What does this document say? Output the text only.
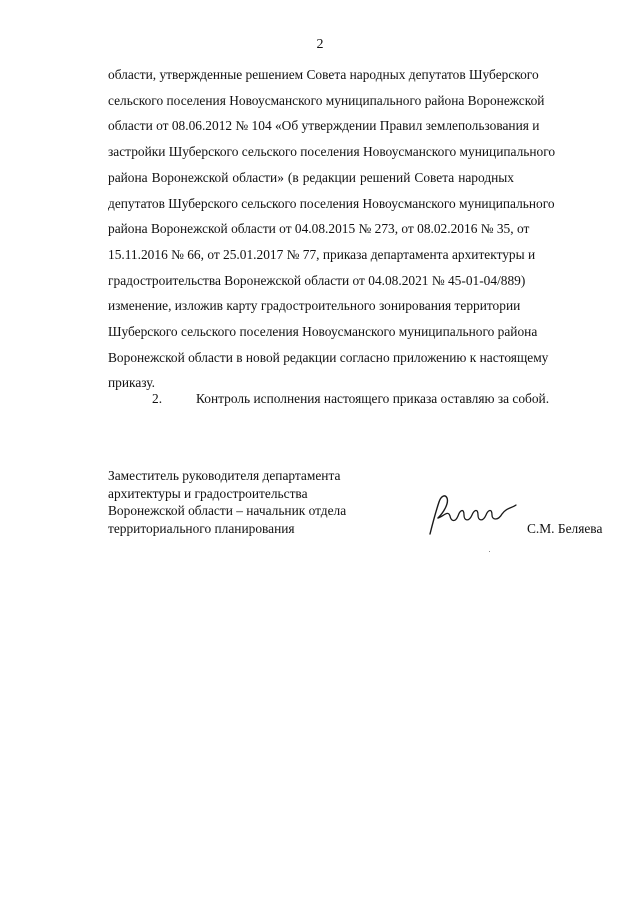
2
области, утвержденные решением Совета народных депутатов Шуберского
сельского поселения Новоусманского муниципального района Воронежской
области от 08.06.2012 № 104 «Об утверждении Правил землепользования и
застройки Шуберского сельского поселения Новоусманского муниципального
района Воронежской области» (в редакции решений Совета народных
депутатов Шуберского сельского поселения Новоусманского муниципального
района Воронежской области от 04.08.2015 № 273, от 08.02.2016 № 35, от
15.11.2016 № 66, от 25.01.2017 № 77, приказа департамента архитектуры и
градостроительства Воронежской области от 04.08.2021 № 45-01-04/889)
изменение, изложив карту градостроительного зонирования территории
Шуберского сельского поселения Новоусманского муниципального района
Воронежской области в новой редакции согласно приложению к настоящему
приказу.
2.	Контроль исполнения настоящего приказа оставляю за собой.
Заместитель руководителя департамента
архитектуры и градостроительства
Воронежской области – начальник отдела
территориального планирования	С.М. Беляева
